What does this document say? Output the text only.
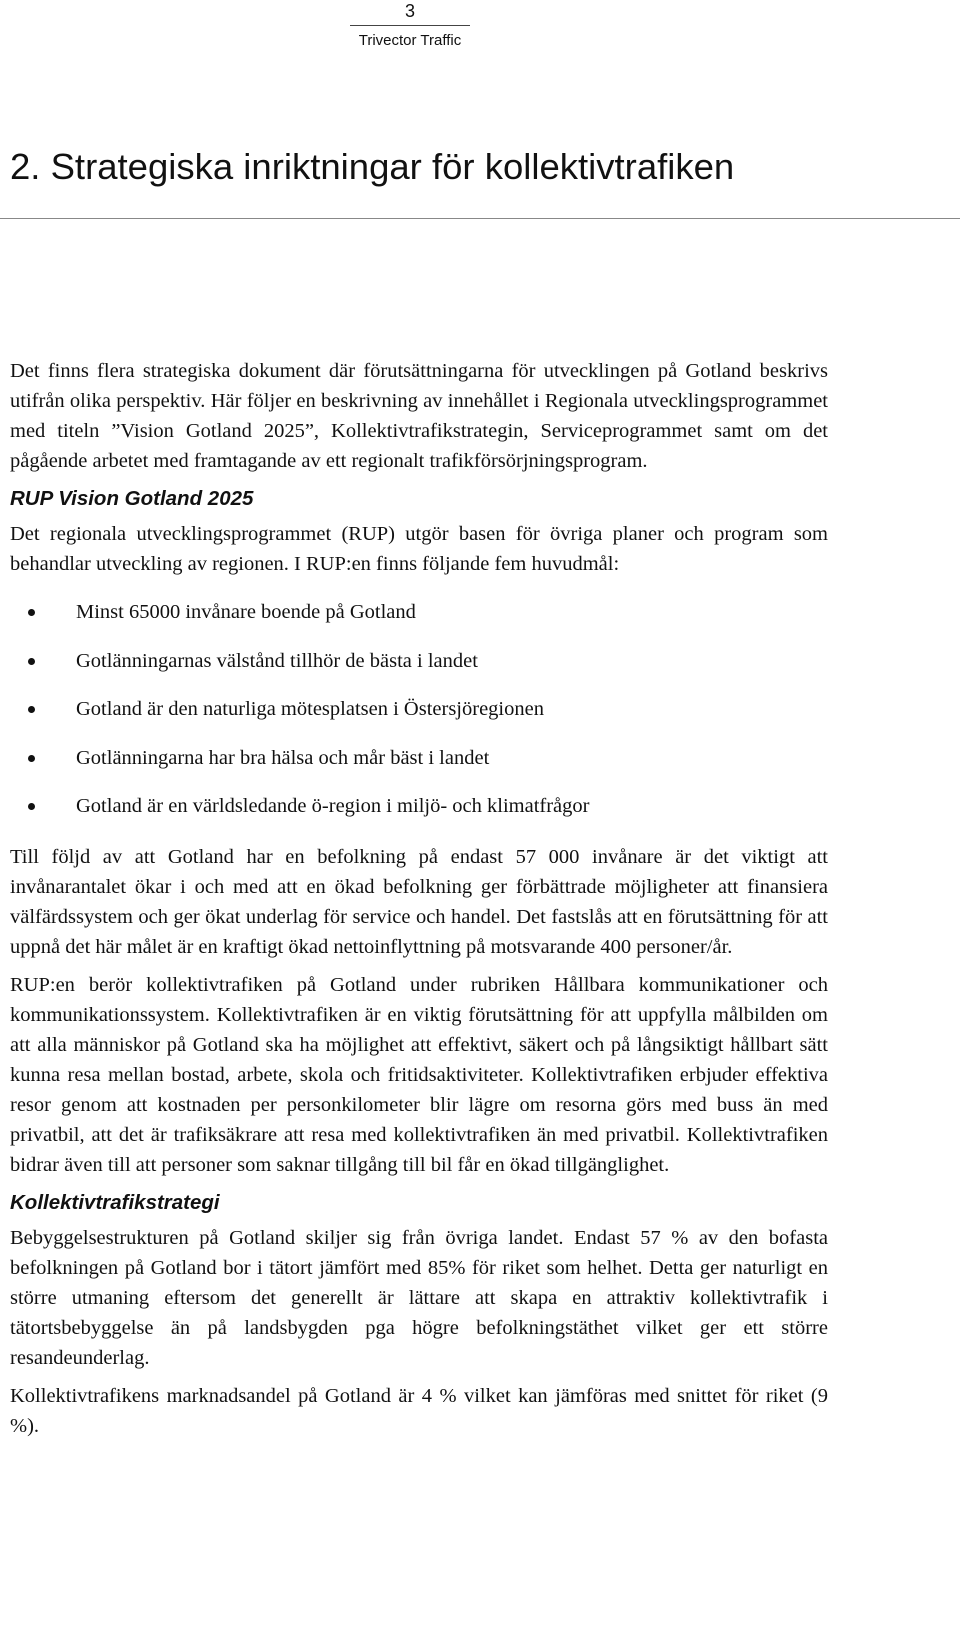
3
Trivector Traffic
2. Strategiska inriktningar för kollektivtrafiken

Det finns flera strategiska dokument där förutsättningarna för utvecklingen på Gotland beskrivs utifrån olika perspektiv. Här följer en beskrivning av innehållet i Regionala utvecklingsprogrammet med titeln ”Vision Gotland 2025”, Kollektivtrafikstrategin, Serviceprogrammet samt om det pågående arbetet med framtagande av ett regionalt trafikförsörjningsprogram.

RUP Vision Gotland 2025

Det regionala utvecklingsprogrammet (RUP) utgör basen för övriga planer och program som behandlar utveckling av regionen. I RUP:en finns följande fem huvudmål:

Minst 65000 invånare boende på Gotland
Gotlänningarnas välstånd tillhör de bästa i landet
Gotland är den naturliga mötesplatsen i Östersjöregionen
Gotlänningarna har bra hälsa och mår bäst i landet
Gotland är en världsledande ö-region i miljö- och klimatfrågor

Till följd av att Gotland har en befolkning på endast 57 000 invånare är det viktigt att invånarantalet ökar i och med att en ökad befolkning ger förbättrade möjligheter att finansiera välfärdssystem och ger ökat underlag för service och handel. Det fastslås att en förutsättning för att uppnå det här målet är en kraftigt ökad nettoinflyttning på motsvarande 400 personer/år.

RUP:en berör kollektivtrafiken på Gotland under rubriken Hållbara kommunikationer och kommunikationssystem. Kollektivtrafiken är en viktig förutsättning för att uppfylla målbilden om att alla människor på Gotland ska ha möjlighet att effektivt, säkert och på långsiktigt hållbart sätt kunna resa mellan bostad, arbete, skola och fritidsaktiviteter. Kollektivtrafiken erbjuder effektiva resor genom att kostnaden per personkilometer blir lägre om resorna görs med buss än med privatbil, att det är trafiksäkrare att resa med kollektivtrafiken än med privatbil. Kollektivtrafiken bidrar även till att personer som saknar tillgång till bil får en ökad tillgänglighet.

Kollektivtrafikstrategi

Bebyggelsestrukturen på Gotland skiljer sig från övriga landet. Endast 57 % av den bofasta befolkningen på Gotland bor i tätort jämfört med 85% för riket som helhet. Detta ger naturligt en större utmaning eftersom det generellt är lättare att skapa en attraktiv kollektivtrafik i tätortsbebyggelse än på landsbygden pga högre befolkningstäthet vilket ger ett större resandeunderlag.

Kollektivtrafikens marknadsandel på Gotland är 4 % vilket kan jämföras med snittet för riket (9 %).
